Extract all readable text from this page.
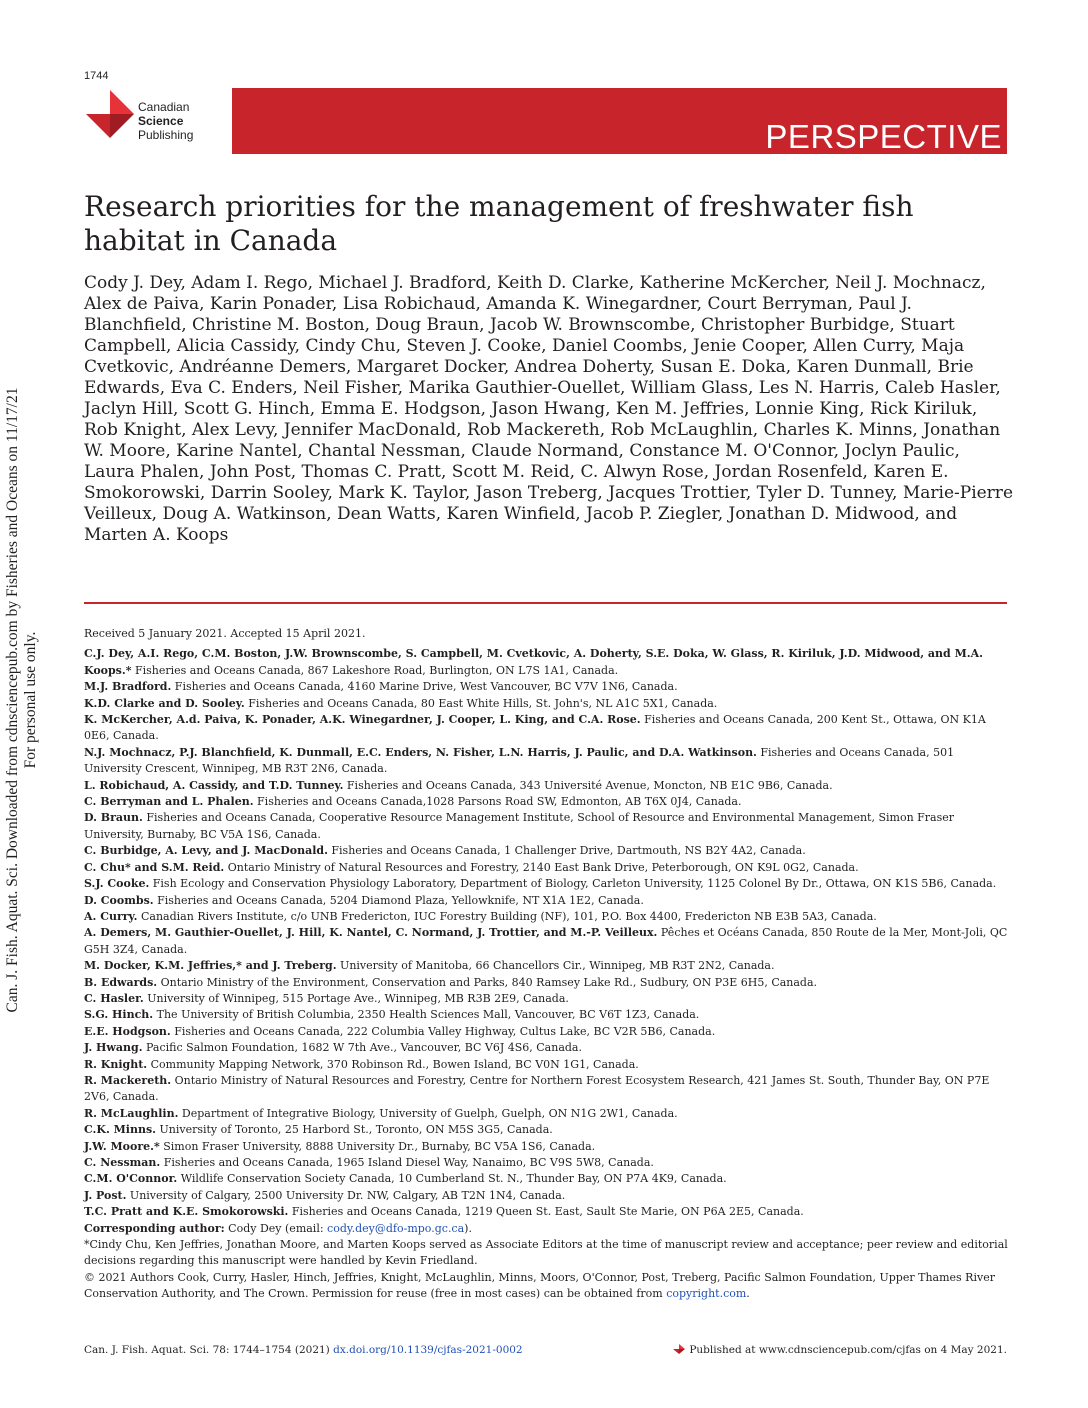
1744
Canadian
Science
Publishing	PERSPECTIVE
Research priorities for the management of freshwater fish habitat in Canada
Cody J. Dey, Adam I. Rego, Michael J. Bradford, Keith D. Clarke, Katherine McKercher, Neil J. Mochnacz, Alex de Paiva, Karin Ponader, Lisa Robichaud, Amanda K. Winegardner, Court Berryman, Paul J. Blanchfield, Christine M. Boston, Doug Braun, Jacob W. Brownscombe, Christopher Burbidge, Stuart Campbell, Alicia Cassidy, Cindy Chu, Steven J. Cooke, Daniel Coombs, Jenie Cooper, Allen Curry, Maja Cvetkovic, Andréanne Demers, Margaret Docker, Andrea Doherty, Susan E. Doka, Karen Dunmall, Brie Edwards, Eva C. Enders, Neil Fisher, Marika Gauthier-Ouellet, William Glass, Les N. Harris, Caleb Hasler, Jaclyn Hill, Scott G. Hinch, Emma E. Hodgson, Jason Hwang, Ken M. Jeffries, Lonnie King, Rick Kiriluk, Rob Knight, Alex Levy, Jennifer MacDonald, Rob Mackereth, Rob McLaughlin, Charles K. Minns, Jonathan W. Moore, Karine Nantel, Chantal Nessman, Claude Normand, Constance M. O'Connor, Joclyn Paulic, Laura Phalen, John Post, Thomas C. Pratt, Scott M. Reid, C. Alwyn Rose, Jordan Rosenfeld, Karen E. Smokorowski, Darrin Sooley, Mark K. Taylor, Jason Treberg, Jacques Trottier, Tyler D. Tunney, Marie-Pierre Veilleux, Doug A. Watkinson, Dean Watts, Karen Winfield, Jacob P. Ziegler, Jonathan D. Midwood, and Marten A. Koops

Received 5 January 2021. Accepted 15 April 2021.

C.J. Dey, A.I. Rego, C.M. Boston, J.W. Brownscombe, S. Campbell, M. Cvetkovic, A. Doherty, S.E. Doka, W. Glass, R. Kiriluk, J.D. Midwood, and M.A. Koops.* Fisheries and Oceans Canada, 867 Lakeshore Road, Burlington, ON L7S 1A1, Canada.

M.J. Bradford. Fisheries and Oceans Canada, 4160 Marine Drive, West Vancouver, BC V7V 1N6, Canada.

K.D. Clarke and D. Sooley. Fisheries and Oceans Canada, 80 East White Hills, St. John's, NL A1C 5X1, Canada.

K. McKercher, A.d. Paiva, K. Ponader, A.K. Winegardner, J. Cooper, L. King, and C.A. Rose. Fisheries and Oceans Canada, 200 Kent St., Ottawa, ON K1A 0E6, Canada.

N.J. Mochnacz, P.J. Blanchfield, K. Dunmall, E.C. Enders, N. Fisher, L.N. Harris, J. Paulic, and D.A. Watkinson. Fisheries and Oceans Canada, 501 University Crescent, Winnipeg, MB R3T 2N6, Canada.

L. Robichaud, A. Cassidy, and T.D. Tunney. Fisheries and Oceans Canada, 343 Université Avenue, Moncton, NB E1C 9B6, Canada.

C. Berryman and L. Phalen. Fisheries and Oceans Canada,1028 Parsons Road SW, Edmonton, AB T6X 0J4, Canada.

D. Braun. Fisheries and Oceans Canada, Cooperative Resource Management Institute, School of Resource and Environmental Management, Simon Fraser University, Burnaby, BC V5A 1S6, Canada.

C. Burbidge, A. Levy, and J. MacDonald. Fisheries and Oceans Canada, 1 Challenger Drive, Dartmouth, NS B2Y 4A2, Canada.

C. Chu* and S.M. Reid. Ontario Ministry of Natural Resources and Forestry, 2140 East Bank Drive, Peterborough, ON K9L 0G2, Canada.

S.J. Cooke. Fish Ecology and Conservation Physiology Laboratory, Department of Biology, Carleton University, 1125 Colonel By Dr., Ottawa, ON K1S 5B6, Canada.

D. Coombs. Fisheries and Oceans Canada, 5204 Diamond Plaza, Yellowknife, NT X1A 1E2, Canada.

A. Curry. Canadian Rivers Institute, c/o UNB Fredericton, IUC Forestry Building (NF), 101, P.O. Box 4400, Fredericton NB E3B 5A3, Canada.

A. Demers, M. Gauthier-Ouellet, J. Hill, K. Nantel, C. Normand, J. Trottier, and M.-P. Veilleux. Pêches et Océans Canada, 850 Route de la Mer, Mont-Joli, QC G5H 3Z4, Canada.

M. Docker, K.M. Jeffries,* and J. Treberg. University of Manitoba, 66 Chancellors Cir., Winnipeg, MB R3T 2N2, Canada.

B. Edwards. Ontario Ministry of the Environment, Conservation and Parks, 840 Ramsey Lake Rd., Sudbury, ON P3E 6H5, Canada.

C. Hasler. University of Winnipeg, 515 Portage Ave., Winnipeg, MB R3B 2E9, Canada.

S.G. Hinch. The University of British Columbia, 2350 Health Sciences Mall, Vancouver, BC V6T 1Z3, Canada.

E.E. Hodgson. Fisheries and Oceans Canada, 222 Columbia Valley Highway, Cultus Lake, BC V2R 5B6, Canada.

J. Hwang. Pacific Salmon Foundation, 1682 W 7th Ave., Vancouver, BC V6J 4S6, Canada.

R. Knight. Community Mapping Network, 370 Robinson Rd., Bowen Island, BC V0N 1G1, Canada.

R. Mackereth. Ontario Ministry of Natural Resources and Forestry, Centre for Northern Forest Ecosystem Research, 421 James St. South, Thunder Bay, ON P7E 2V6, Canada.

R. McLaughlin. Department of Integrative Biology, University of Guelph, Guelph, ON N1G 2W1, Canada.

C.K. Minns. University of Toronto, 25 Harbord St., Toronto, ON M5S 3G5, Canada.

J.W. Moore.* Simon Fraser University, 8888 University Dr., Burnaby, BC V5A 1S6, Canada.

C. Nessman. Fisheries and Oceans Canada, 1965 Island Diesel Way, Nanaimo, BC V9S 5W8, Canada.

C.M. O'Connor. Wildlife Conservation Society Canada, 10 Cumberland St. N., Thunder Bay, ON P7A 4K9, Canada.

J. Post. University of Calgary, 2500 University Dr. NW, Calgary, AB T2N 1N4, Canada.

T.C. Pratt and K.E. Smokorowski. Fisheries and Oceans Canada, 1219 Queen St. East, Sault Ste Marie, ON P6A 2E5, Canada.

Corresponding author: Cody Dey (email: cody.dey@dfo-mpo.gc.ca).

*Cindy Chu, Ken Jeffries, Jonathan Moore, and Marten Koops served as Associate Editors at the time of manuscript review and acceptance; peer review and editorial decisions regarding this manuscript were handled by Kevin Friedland.

© 2021 Authors Cook, Curry, Hasler, Hinch, Jeffries, Knight, McLaughlin, Minns, Moors, O'Connor, Post, Treberg, Pacific Salmon Foundation, Upper Thames River Conservation Authority, and The Crown. Permission for reuse (free in most cases) can be obtained from copyright.com.

Can. J. Fish. Aquat. Sci. Downloaded from cdnsciencepub.com by Fisheries and Oceans on 11/17/21 For personal use only.
Can. J. Fish. Aquat. Sci. 78: 1744–1754 (2021) dx.doi.org/10.1139/cjfas-2021-0002	Published at www.cdnsciencepub.com/cjfas on 4 May 2021.
